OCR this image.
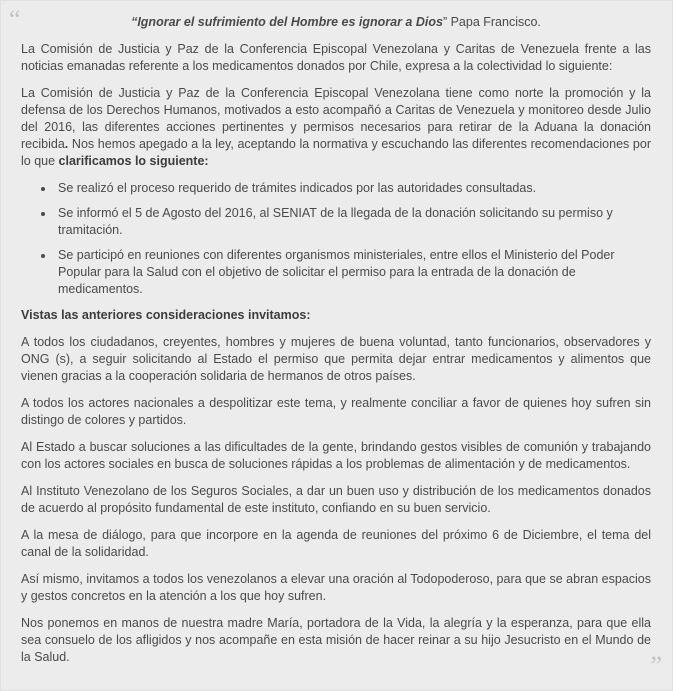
“
”

“Ignorar el sufrimiento del Hombre es ignorar a Dios” Papa Francisco.

La Comisión de Justicia y Paz de la Conferencia Episcopal Venezolana y Caritas de Venezuela frente a las noticias emanadas referente a los medicamentos donados por Chile, expresa a la colectividad lo siguiente:

La Comisión de Justicia y Paz de la Conferencia Episcopal Venezolana tiene como norte la promoción y la defensa de los Derechos Humanos, motivados a esto acompañó a Caritas de Venezuela y monitoreo desde Julio del 2016, las diferentes acciones pertinentes y permisos necesarios para retirar de la Aduana la donación recibida. Nos hemos apegado a la ley, aceptando la normativa y escuchando las diferentes recomendaciones por lo que clarificamos lo siguiente:

Se realizó el proceso requerido de trámites indicados por las autoridades consultadas.
Se informó el 5 de Agosto del 2016, al SENIAT de la llegada de la donación solicitando su permiso y tramitación.
Se participó en reuniones con diferentes organismos ministeriales, entre ellos el Ministerio del Poder Popular para la Salud con el objetivo de solicitar el permiso para la entrada de la donación de medicamentos.

Vistas las anteriores consideraciones invitamos:

A todos los ciudadanos, creyentes, hombres y mujeres de buena voluntad, tanto funcionarios, observadores y ONG (s), a seguir solicitando al Estado el permiso que permita dejar entrar medicamentos y alimentos que vienen gracias a la cooperación solidaria de hermanos de otros países.

A todos los actores nacionales a despolitizar este tema, y realmente conciliar a favor de quienes hoy sufren sin distingo de colores y partidos.

Al Estado a buscar soluciones a las dificultades de la gente, brindando gestos visibles de comunión y trabajando con los actores sociales en busca de soluciones rápidas a los problemas de alimentación y de medicamentos.

Al Instituto Venezolano de los Seguros Sociales, a dar un buen uso y distribución de los medicamentos donados de acuerdo al propósito fundamental de este instituto, confiando en su buen servicio.

A la mesa de diálogo, para que incorpore en la agenda de reuniones del próximo 6 de Diciembre, el tema del canal de la solidaridad.

Así mismo, invitamos a todos los venezolanos a elevar una oración al Todopoderoso, para que se abran espacios y gestos concretos en la atención a los que hoy sufren.

Nos ponemos en manos de nuestra madre María, portadora de la Vida, la alegría y la esperanza, para que ella sea consuelo de los afligidos y nos acompañe en esta misión de hacer reinar a su hijo Jesucristo en el Mundo de la Salud.
